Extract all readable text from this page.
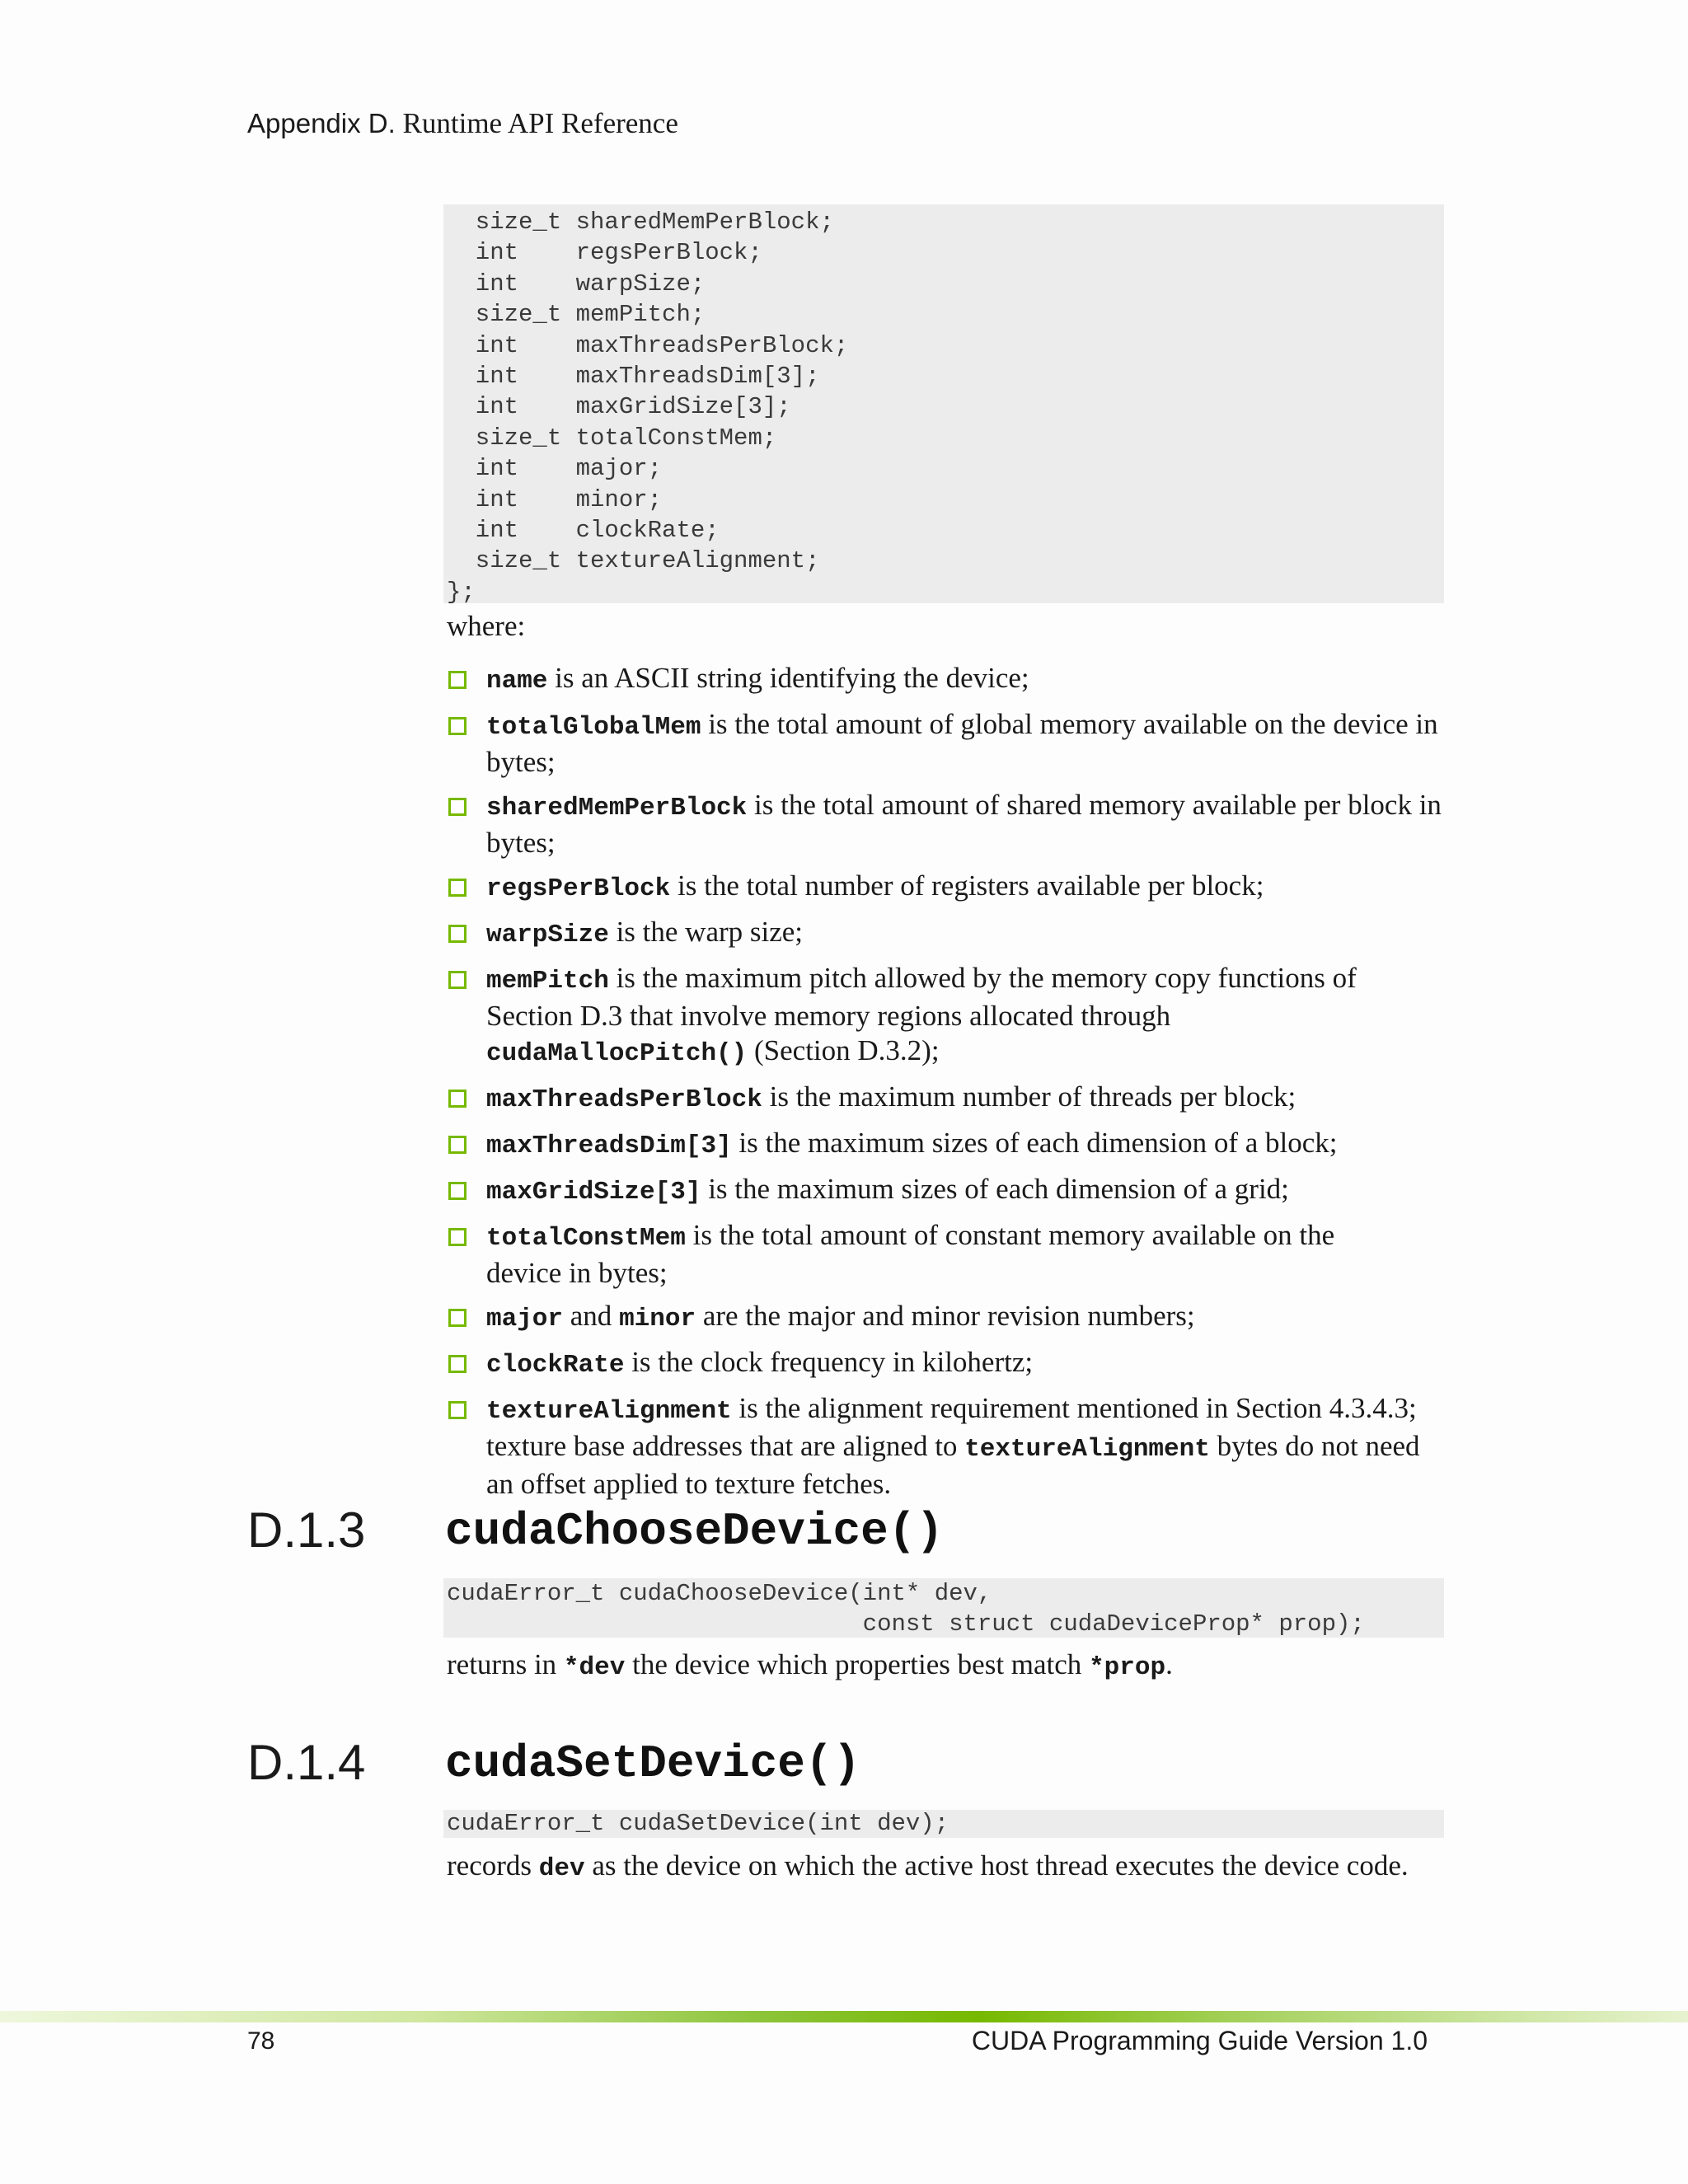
Appendix D. Runtime API Reference
size_t sharedMemPerBlock;
int    regsPerBlock;
int    warpSize;
size_t memPitch;
int    maxThreadsPerBlock;
int    maxThreadsDim[3];
int    maxGridSize[3];
size_t totalConstMem;
int    major;
int    minor;
int    clockRate;
size_t textureAlignment;
};
where:
name is an ASCII string identifying the device;
totalGlobalMem is the total amount of global memory available on the device in bytes;
sharedMemPerBlock is the total amount of shared memory available per block in bytes;
regsPerBlock is the total number of registers available per block;
warpSize is the warp size;
memPitch is the maximum pitch allowed by the memory copy functions of Section D.3 that involve memory regions allocated through cudaMallocPitch() (Section D.3.2);
maxThreadsPerBlock is the maximum number of threads per block;
maxThreadsDim[3] is the maximum sizes of each dimension of a block;
maxGridSize[3] is the maximum sizes of each dimension of a grid;
totalConstMem is the total amount of constant memory available on the device in bytes;
major and minor are the major and minor revision numbers;
clockRate is the clock frequency in kilohertz;
textureAlignment is the alignment requirement mentioned in Section 4.3.4.3; texture base addresses that are aligned to textureAlignment bytes do not need an offset applied to texture fetches.
D.1.3 cudaChooseDevice()
cudaError_t cudaChooseDevice(int* dev,
const struct cudaDeviceProp* prop);
returns in *dev the device which properties best match *prop.
D.1.4 cudaSetDevice()
cudaError_t cudaSetDevice(int dev);
records dev as the device on which the active host thread executes the device code.
78	CUDA Programming Guide Version 1.0
